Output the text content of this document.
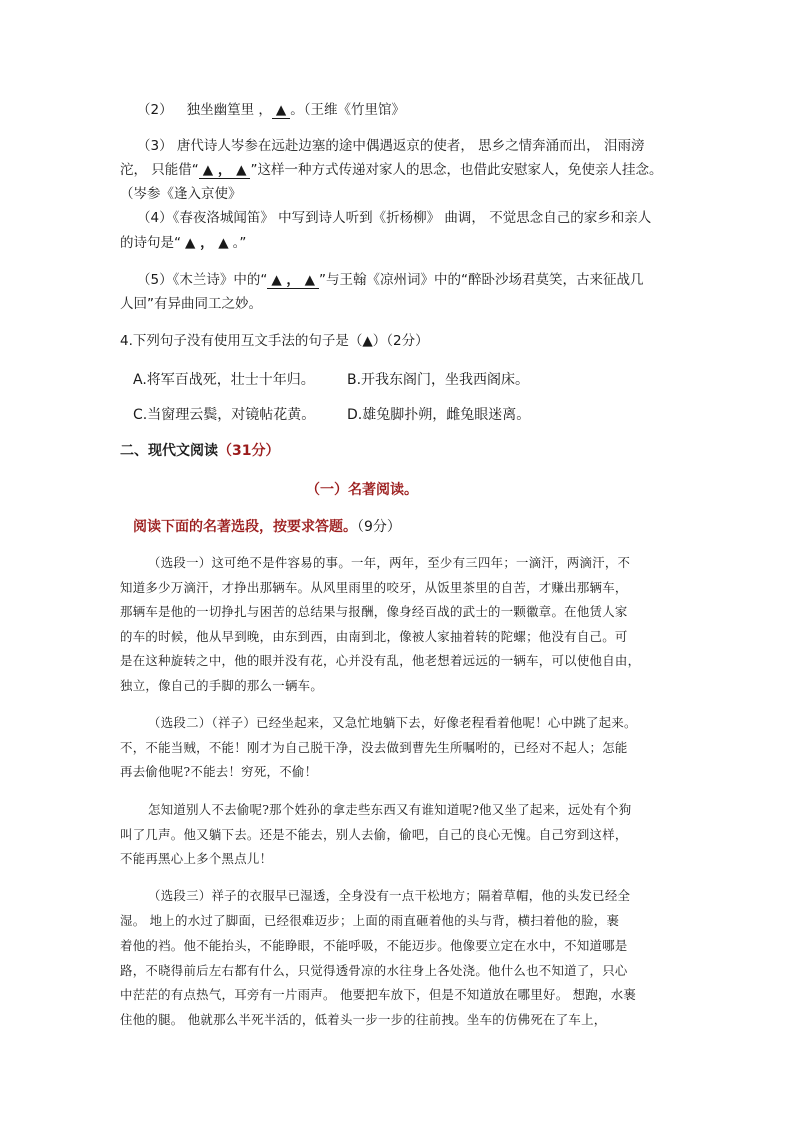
（2） 独坐幽篁里 ， ▲ 。（王维《竹里馆》
（3） 唐代诗人岑参在远赴边塞的途中偶遇返京的使者， 思乡之情奔涌而出， 泪雨滂
沱， 只能借“ ▲ ， ▲ ”这样一种方式传递对家人的思念，也借此安慰家人，免使亲人挂念。
（岑参《逢入京使》
（4）《春夜洛城闻笛》 中写到诗人听到《折杨柳》 曲调， 不觉思念自己的家乡和亲人
的诗句是“ ▲ ， ▲ 。”
（5）《木兰诗》中的“ ▲ ， ▲ ”与王翰《凉州词》中的“醉卧沙场君莫笑，古来征战几
人回”有异曲同工之妙。
4.下列句子没有使用互文手法的句子是（▲）（2分）
A.将军百战死，壮士十年归。 B.开我东阁门，坐我西阁床。
C.当窗理云鬓，对镜帖花黄。 D.雄兔脚扑朔，雌兔眼迷离。
二、现代文阅读（31分）
（一）名著阅读。
阅读下面的名著选段，按要求答题。（9分）
（选段一）这可绝不是件容易的事。一年，两年，至少有三四年；一滴汗，两滴汗，不
知道多少万滴汗，才挣出那辆车。从风里雨里的咬牙，从饭里茶里的自苦，才赚出那辆车，
那辆车是他的一切挣扎与困苦的总结果与报酬，像身经百战的武士的一颗徽章。在他赁人家
的车的时候，他从早到晚，由东到西，由南到北，像被人家抽着转的陀螺；他没有自己。可
是在这种旋转之中，他的眼并没有花，心并没有乱，他老想着远远的一辆车，可以使他自由，
独立，像自己的手脚的那么一辆车。
（选段二）（祥子）已经坐起来，又急忙地躺下去，好像老程看着他呢！心中跳了起来。
不，不能当贼，不能！刚才为自己脱干净，没去做到曹先生所嘱咐的，已经对不起人；怎能
再去偷他呢?不能去！穷死，不偷！
怎知道别人不去偷呢?那个姓孙的拿走些东西又有谁知道呢?他又坐了起来，远处有个狗
叫了几声。他又躺下去。还是不能去，别人去偷，偷吧，自己的良心无愧。自己穷到这样，
不能再黑心上多个黑点儿！
（选段三）祥子的衣服早已湿透，全身没有一点干松地方；隔着草帽，他的头发已经全
湿。 地上的水过了脚面，已经很难迈步；上面的雨直砸着他的头与背，横扫着他的脸，裹
着他的裆。他不能抬头，不能睁眼，不能呼吸，不能迈步。他像要立定在水中，不知道哪是
路，不晓得前后左右都有什么，只觉得透骨凉的水往身上各处浇。他什么也不知道了，只心
中茫茫的有点热气，耳旁有一片雨声。 他要把车放下，但是不知道放在哪里好。 想跑，水裹
住他的腿。 他就那么半死半活的，低着头一步一步的往前拽。坐车的仿佛死在了车上，
